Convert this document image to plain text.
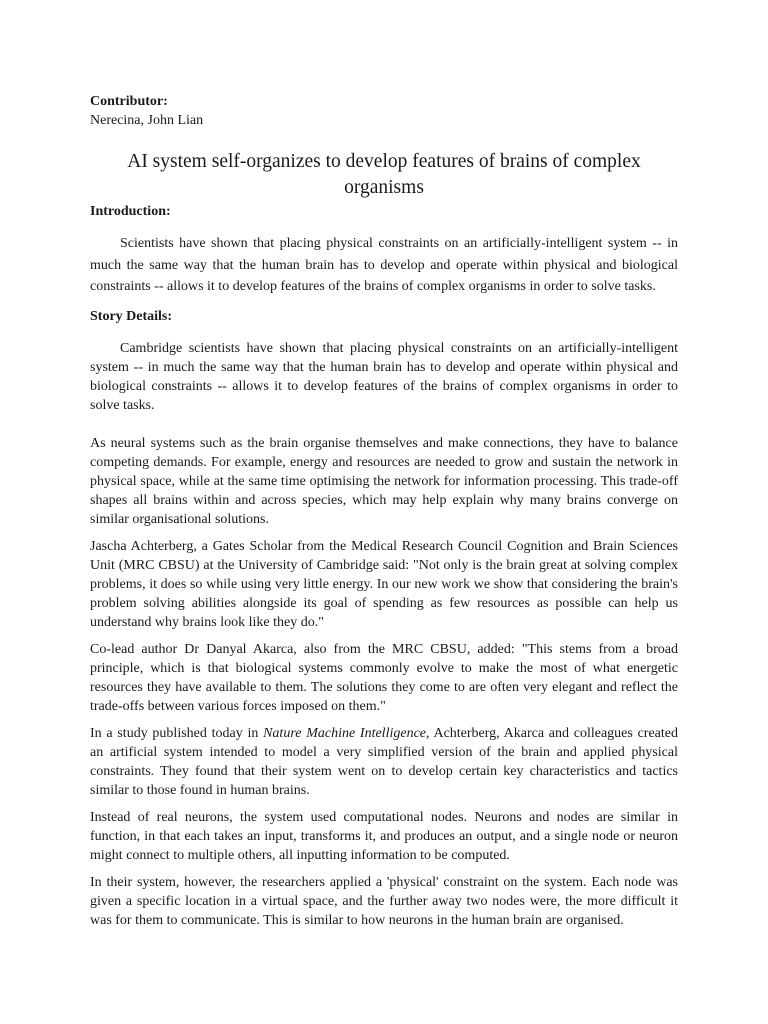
Contributor:

Nerecina, John Lian

AI system self-organizes to develop features of brains of complex organisms

Introduction:

Scientists have shown that placing physical constraints on an artificially-intelligent system -- in much the same way that the human brain has to develop and operate within physical and biological constraints -- allows it to develop features of the brains of complex organisms in order to solve tasks.

Story Details:

Cambridge scientists have shown that placing physical constraints on an artificially-intelligent system -- in much the same way that the human brain has to develop and operate within physical and biological constraints -- allows it to develop features of the brains of complex organisms in order to solve tasks.

As neural systems such as the brain organise themselves and make connections, they have to balance competing demands. For example, energy and resources are needed to grow and sustain the network in physical space, while at the same time optimising the network for information processing. This trade-off shapes all brains within and across species, which may help explain why many brains converge on similar organisational solutions.

Jascha Achterberg, a Gates Scholar from the Medical Research Council Cognition and Brain Sciences Unit (MRC CBSU) at the University of Cambridge said: "Not only is the brain great at solving complex problems, it does so while using very little energy. In our new work we show that considering the brain's problem solving abilities alongside its goal of spending as few resources as possible can help us understand why brains look like they do."

Co-lead author Dr Danyal Akarca, also from the MRC CBSU, added: "This stems from a broad principle, which is that biological systems commonly evolve to make the most of what energetic resources they have available to them. The solutions they come to are often very elegant and reflect the trade-offs between various forces imposed on them."

In a study published today in Nature Machine Intelligence, Achterberg, Akarca and colleagues created an artificial system intended to model a very simplified version of the brain and applied physical constraints. They found that their system went on to develop certain key characteristics and tactics similar to those found in human brains.

Instead of real neurons, the system used computational nodes. Neurons and nodes are similar in function, in that each takes an input, transforms it, and produces an output, and a single node or neuron might connect to multiple others, all inputting information to be computed.

In their system, however, the researchers applied a 'physical' constraint on the system. Each node was given a specific location in a virtual space, and the further away two nodes were, the more difficult it was for them to communicate. This is similar to how neurons in the human brain are organised.
